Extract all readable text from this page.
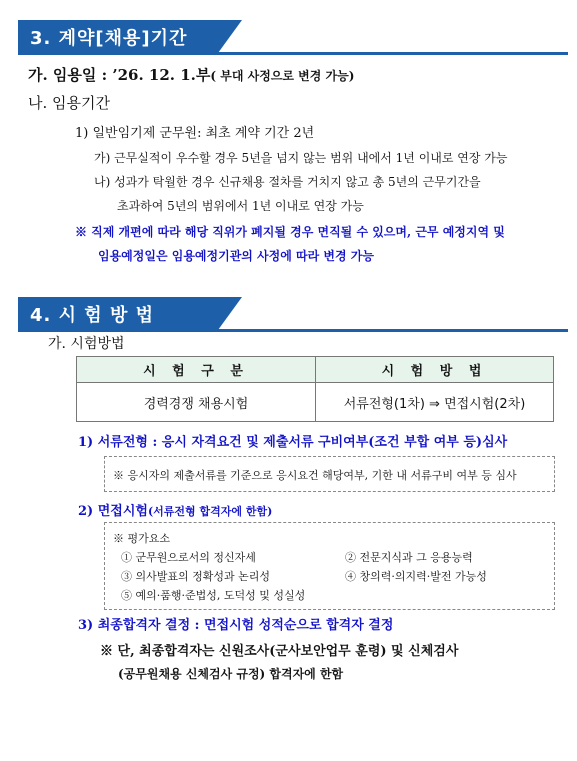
3. 계약[채용]기간
가. 임용일 : ’26. 12. 1.부( 부대 사정으로 변경 가능)
나. 임용기간
1) 일반임기제 군무원: 최초 계약 기간 2년
가) 근무실적이 우수할 경우 5년을 넘지 않는 범위 내에서 1년 이내로 연장 가능
나) 성과가 탁월한 경우 신규채용 절차를 거치지 않고 총 5년의 근무기간을
초과하여 5년의 범위에서 1년 이내로 연장 가능
※ 직제 개편에 따라 해당 직위가 폐지될 경우 면직될 수 있으며, 근무 예정지역 및
임용예정일은 임용예정기관의 사정에 따라 변경 가능
4. 시 험 방 법
가. 시험방법
시 험 구 분	시 험 방 법
경력경쟁 채용시험	서류전형(1차) ⇒ 면접시험(2차)
1) 서류전형 : 응시 자격요건 및 제출서류 구비여부(조건 부합 여부 등)심사
※ 응시자의 제출서류를 기준으로 응시요건 해당여부, 기한 내 서류구비 여부 등 심사
2) 면접시험(서류전형 합격자에 한함)
※ 평가요소
① 군무원으로서의 정신자세	② 전문지식과 그 응용능력
③ 의사발표의 정확성과 논리성	④ 창의력·의지력·발전 가능성
⑤ 예의·품행·준법성, 도덕성 및 성실성
3) 최종합격자 결정 : 면접시험 성적순으로 합격자 결정
※ 단, 최종합격자는 신원조사(군사보안업무 훈령) 및 신체검사
(공무원채용 신체검사 규정) 합격자에 한함
